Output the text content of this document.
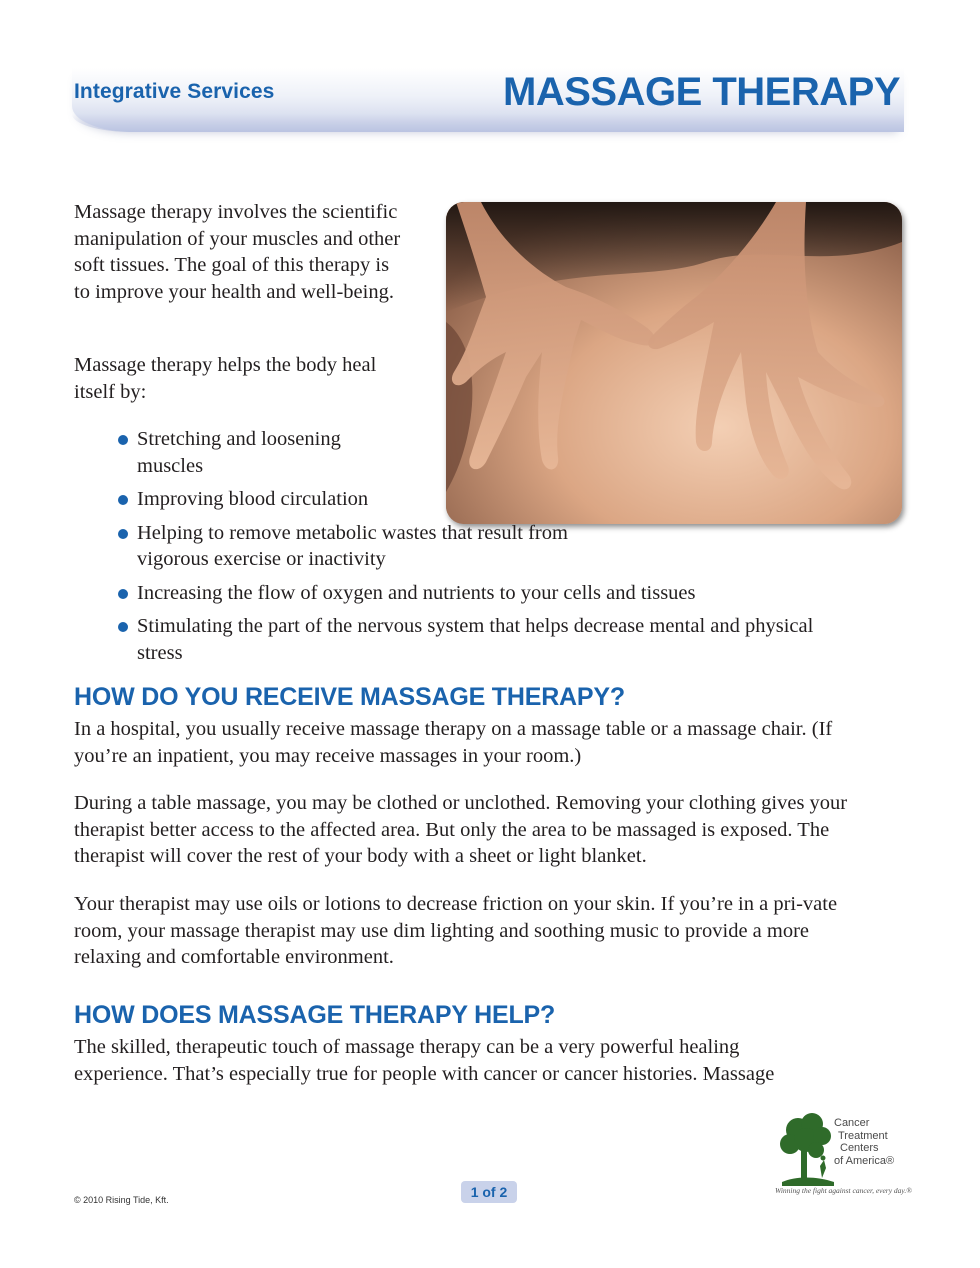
Integrative Services	MASSAGE THERAPY

Massage therapy involves the scientific manipulation of your muscles and other soft tissues. The goal of this therapy is to improve your health and well-being.

Massage therapy helps the body heal itself by:

Stretching and loosening muscles
Improving blood circulation
Helping to remove metabolic wastes that result from vigorous exercise or inactivity
Increasing the flow of oxygen and nutrients to your cells and tissues
Stimulating the part of the nervous system that helps decrease mental and physical stress
HOW DO YOU RECEIVE MASSAGE THERAPY?

In a hospital, you usually receive massage therapy on a massage table or a massage chair. (If you’re an inpatient, you may receive massages in your room.)

During a table massage, you may be clothed or unclothed. Removing your clothing gives your therapist better access to the affected area. But only the area to be massaged is exposed. The therapist will cover the rest of your body with a sheet or light blanket.

Your therapist may use oils or lotions to decrease friction on your skin. If you’re in a pri-vate room, your massage therapist may use dim lighting and soothing music to provide a more relaxing and comfortable environment.

HOW DOES MASSAGE THERAPY HELP?

The skilled, therapeutic touch of massage therapy can be a very powerful healing experience. That’s especially true for people with cancer or cancer histories. Massage

1 of 2
© 2010 Rising Tide, Kft.
Cancer
Treatment
Centers
of America®
Winning the fight against cancer, every day.®
